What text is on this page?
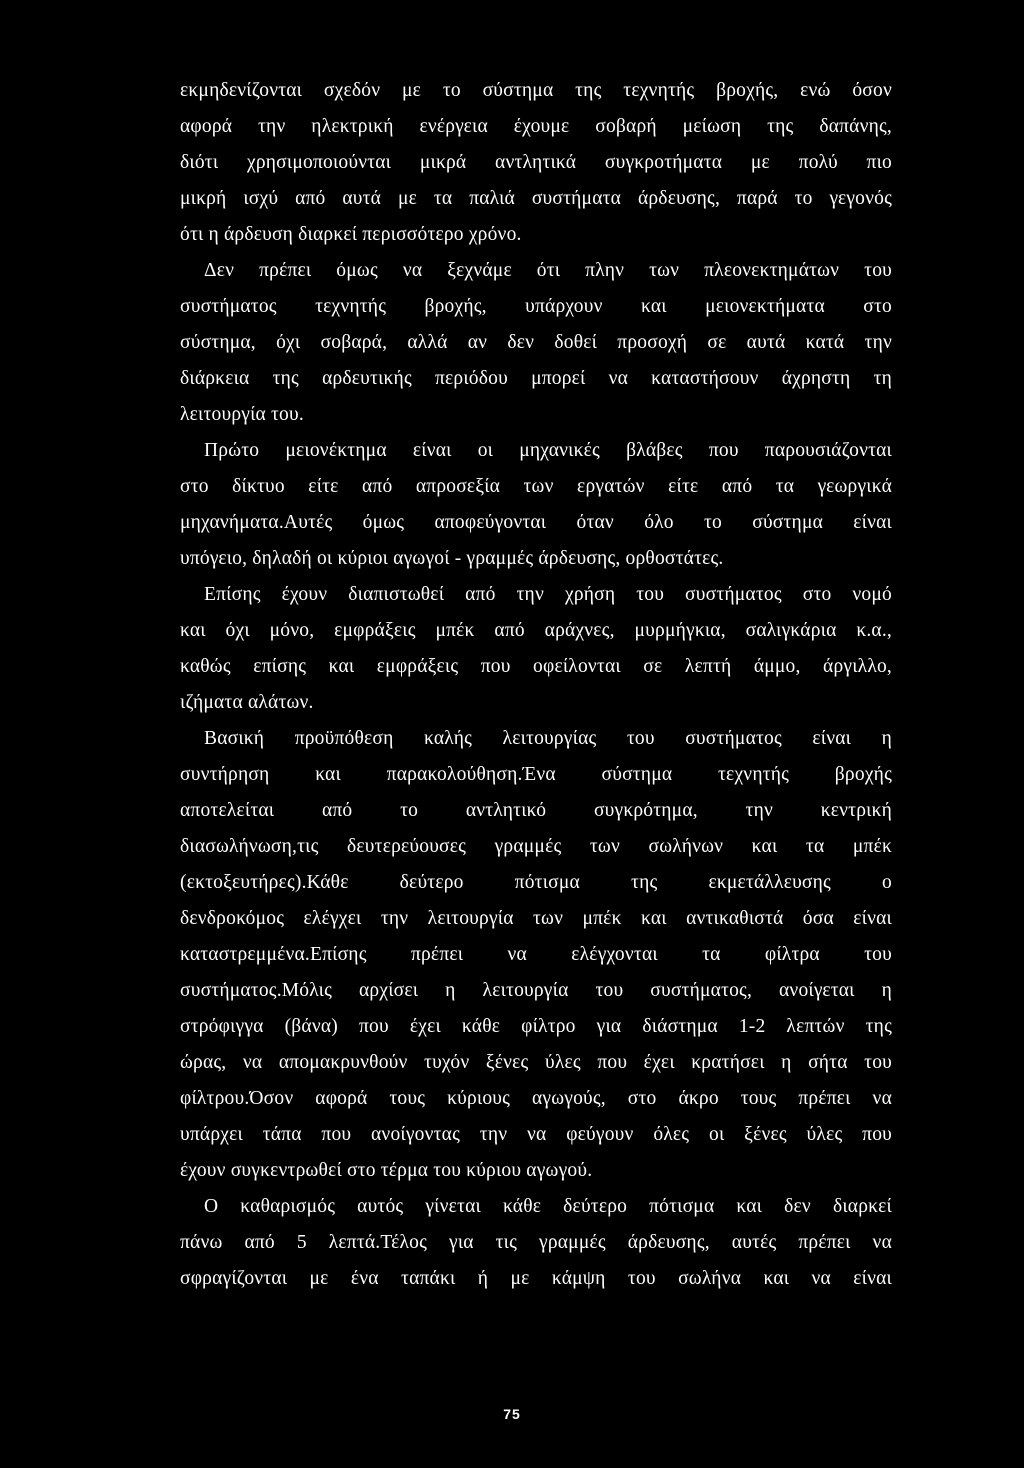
εκμηδενίζονται σχεδόν με το σύστημα της τεχνητής βροχής, ενώ όσον
αφορά την ηλεκτρική ενέργεια έχουμε σοβαρή μείωση της δαπάνης,
διότι χρησιμοποιούνται μικρά αντλητικά συγκροτήματα με πολύ πιο
μικρή ισχύ από αυτά με τα παλιά συστήματα άρδευσης, παρά το γεγονός
ότι η άρδευση διαρκεί περισσότερο χρόνο.
Δεν πρέπει όμως να ξεχνάμε ότι πλην των πλεονεκτημάτων του
συστήματος τεχνητής βροχής, υπάρχουν και μειονεκτήματα στο
σύστημα, όχι σοβαρά, αλλά αν δεν δοθεί προσοχή σε αυτά κατά την
διάρκεια της αρδευτικής περιόδου μπορεί να καταστήσουν άχρηστη τη
λειτουργία του.
Πρώτο μειονέκτημα είναι οι μηχανικές βλάβες που παρουσιάζονται
στο δίκτυο είτε από απροσεξία των εργατών είτε από τα γεωργικά
μηχανήματα.Αυτές όμως αποφεύγονται όταν όλο το σύστημα είναι
υπόγειο, δηλαδή οι κύριοι αγωγοί - γραμμές άρδευσης, ορθοστάτες.
Επίσης έχουν διαπιστωθεί από την χρήση του συστήματος στο νομό
και όχι μόνο, εμφράξεις μπέκ από αράχνες, μυρμήγκια, σαλιγκάρια κ.α.,
καθώς επίσης και εμφράξεις που οφείλονται σε λεπτή άμμο, άργιλλο,
ιζήματα αλάτων.
Βασική προϋπόθεση καλής λειτουργίας του συστήματος είναι η
συντήρηση και παρακολούθηση.Ένα σύστημα τεχνητής βροχής
αποτελείται από το αντλητικό συγκρότημα, την κεντρική
διασωλήνωση,τις δευτερεύουσες γραμμές των σωλήνων και τα μπέκ
(εκτοξευτήρες).Κάθε δεύτερο πότισμα της εκμετάλλευσης ο
δενδροκόμος ελέγχει την λειτουργία των μπέκ και αντικαθιστά όσα είναι
καταστρεμμένα.Επίσης πρέπει να ελέγχονται τα φίλτρα του
συστήματος.Μόλις αρχίσει η λειτουργία του συστήματος, ανοίγεται η
στρόφιγγα (βάνα) που έχει κάθε φίλτρο για διάστημα 1-2 λεπτών της
ώρας, να απομακρυνθούν τυχόν ξένες ύλες που έχει κρατήσει η σήτα του
φίλτρου.Όσον αφορά τους κύριους αγωγούς, στο άκρο τους πρέπει να
υπάρχει τάπα που ανοίγοντας την να φεύγουν όλες οι ξένες ύλες που
έχουν συγκεντρωθεί στο τέρμα του κύριου αγωγού.
Ο καθαρισμός αυτός γίνεται κάθε δεύτερο πότισμα και δεν διαρκεί
πάνω από 5 λεπτά.Τέλος για τις γραμμές άρδευσης, αυτές πρέπει να
σφραγίζονται με ένα ταπάκι ή με κάμψη του σωλήνα και να είναι
75
